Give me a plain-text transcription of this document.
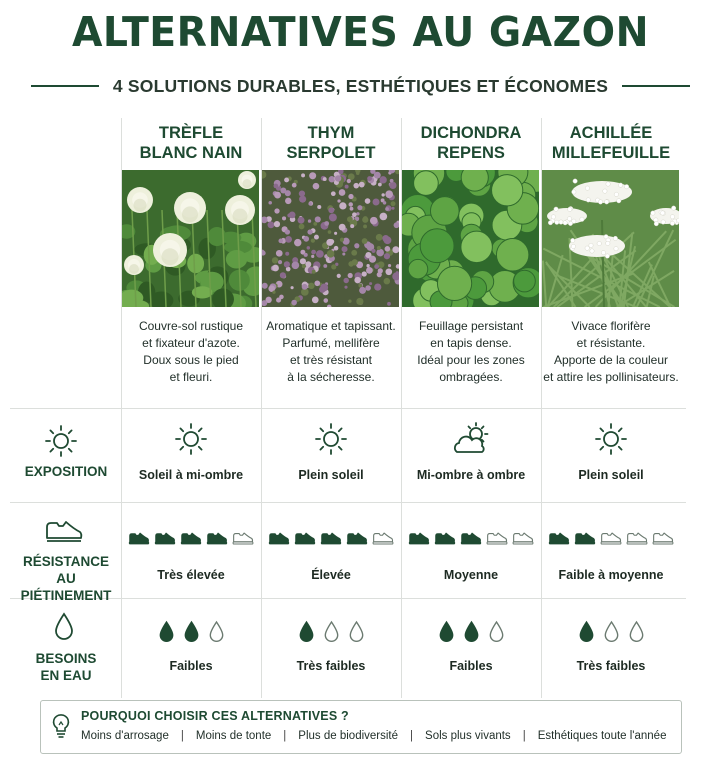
ALTERNATIVES AU GAZON
4 SOLUTIONS DURABLES, ESTHÉTIQUES ET ÉCONOMES
EXPOSITION
RÉSISTANCE
AU PIÉTINEMENT
BESOINS
EN EAU
TRÈFLE
BLANC NAIN
Couvre-sol rustique
et fixateur d'azote.
Doux sous le pied
et fleuri.
THYM
SERPOLET
Aromatique et tapissant.
Parfumé, mellifère
et très résistant
à la sécheresse.
DICHONDRA
REPENS
Feuillage persistant
en tapis dense.
Idéal pour les zones
ombragées.
ACHILLÉE
MILLEFEUILLE
Vivace florifère
et résistante.
Apporte de la couleur
et attire les pollinisateurs.
POURQUOI CHOISIR CES ALTERNATIVES ?
Moins d'arrosage | Moins de tonte | Plus de biodiversité | Sols plus vivants | Esthétiques toute l'année
Soleil à mi-ombre
Très élevée
Faibles
Plein soleil
Élevée
Très faibles
Mi-ombre à ombre
Moyenne
Faibles
Plein soleil
Faible à moyenne
Très faibles
